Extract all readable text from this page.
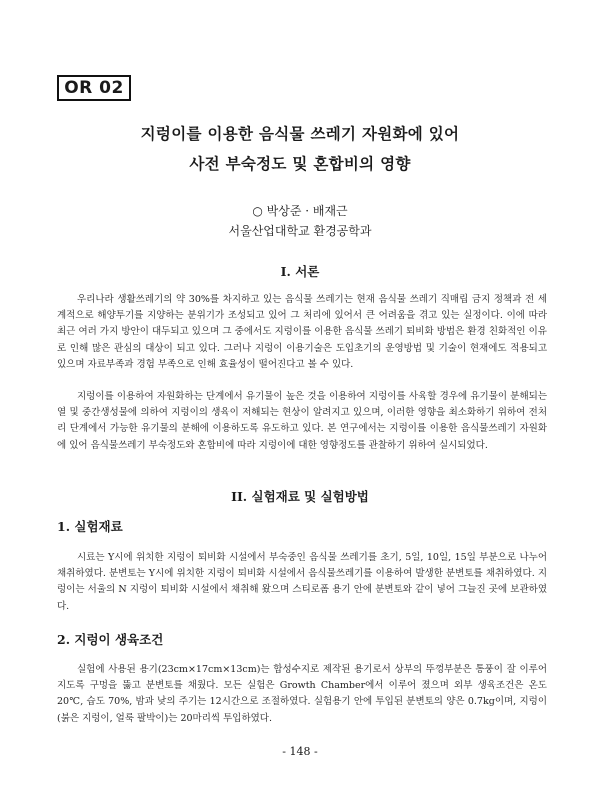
OR 02
지렁이를 이용한 음식물 쓰레기 자원화에 있어
사전 부숙정도 및 혼합비의 영향
○ 박상준 · 배재근
서울산업대학교 환경공학과
I. 서론

우리나라 생활쓰레기의 약 30%를 차지하고 있는 음식물 쓰레기는 현재 음식물 쓰레기 직매립 금지 정책과 전 세계적으로 해양투기를 지양하는 분위기가 조성되고 있어 그 처리에 있어서 큰 어려움을 겪고 있는 실정이다. 이에 따라 최근 여러 가지 방안이 대두되고 있으며 그 중에서도 지렁이를 이용한 음식물 쓰레기 퇴비화 방법은 환경 친화적인 이유로 인해 많은 관심의 대상이 되고 있다. 그러나 지렁이 이용기술은 도입초기의 운영방법 및 기술이 현재에도 적용되고 있으며 자료부족과 경험 부족으로 인해 효율성이 떨어진다고 볼 수 있다.

지렁이를 이용하여 자원화하는 단계에서 유기물이 높은 것을 이용하여 지렁이를 사육할 경우에 유기물이 분해되는 열 및 중간생성물에 의하여 지렁이의 생육이 저해되는 현상이 알려지고 있으며, 이러한 영향을 최소화하기 위하여 전처리 단계에서 가능한 유기물의 분해에 이용하도록 유도하고 있다. 본 연구에서는 지렁이를 이용한 음식물쓰레기 자원화에 있어 음식물쓰레기 부숙정도와 혼합비에 따라 지렁이에 대한 영향정도를 관찰하기 위하여 실시되었다.

II. 실험재료 및 실험방법
1. 실험재료

시료는 Y시에 위치한 지렁이 퇴비화 시설에서 부숙중인 음식물 쓰레기를 초기, 5일, 10일, 15일 부분으로 나누어 채취하였다. 분변토는 Y시에 위치한 지렁이 퇴비화 시설에서 음식물쓰레기를 이용하여 발생한 분변토를 채취하였다. 지렁이는 서울의 N 지렁이 퇴비화 시설에서 채취해 왔으며 스티로폼 용기 안에 분변토와 같이 넣어 그늘진 곳에 보관하였다.

2. 지렁이 생육조건

실험에 사용된 용기(23cm×17cm×13cm)는 합성수지로 제작된 용기로서 상부의 뚜껑부분은 통풍이 잘 이루어지도록 구멍을 뚫고 분변토를 채웠다. 모든 실험은 Growth Chamber에서 이루어 졌으며 외부 생육조건은 온도 20℃, 습도 70%, 밤과 낮의 주기는 12시간으로 조절하였다. 실험용기 안에 투입된 분변토의 양은 0.7kg이며, 지렁이(붉은 지렁이, 얼룩 팔박이)는 20마리씩 투입하였다.

- 148 -
